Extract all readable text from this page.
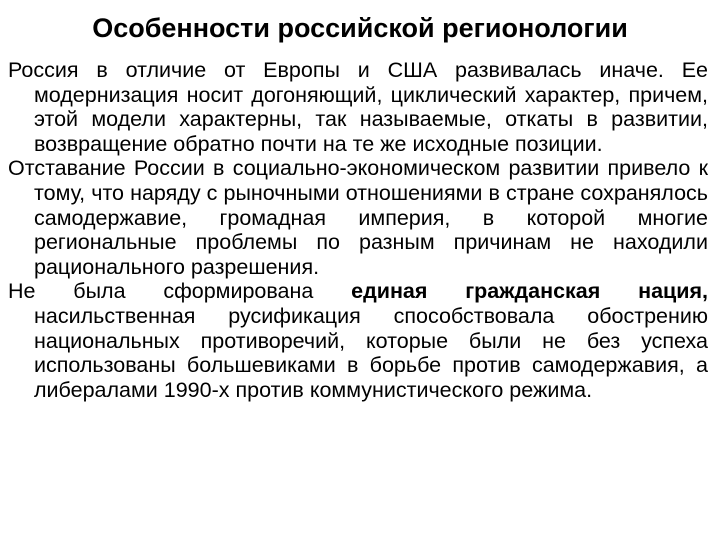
Особенности российской регионологии

Россия в отличие от Европы и США развивалась иначе. Ее модернизация носит догоняющий, циклический характер, причем, этой модели характерны, так называемые, откаты в развитии, возвращение обратно почти на те же исходные позиции.

Отставание России в социально-экономическом развитии привело к тому, что наряду с рыночными отношениями в стране сохранялось самодержавие, громадная империя, в которой многие региональные проблемы по разным причинам не находили рационального разрешения.

Не была сформирована единая гражданская нация, насильственная русификация способствовала обострению национальных противоречий, которые были не без успеха использованы большевиками в борьбе против самодержавия, а либералами 1990-х против коммунистического режима.
